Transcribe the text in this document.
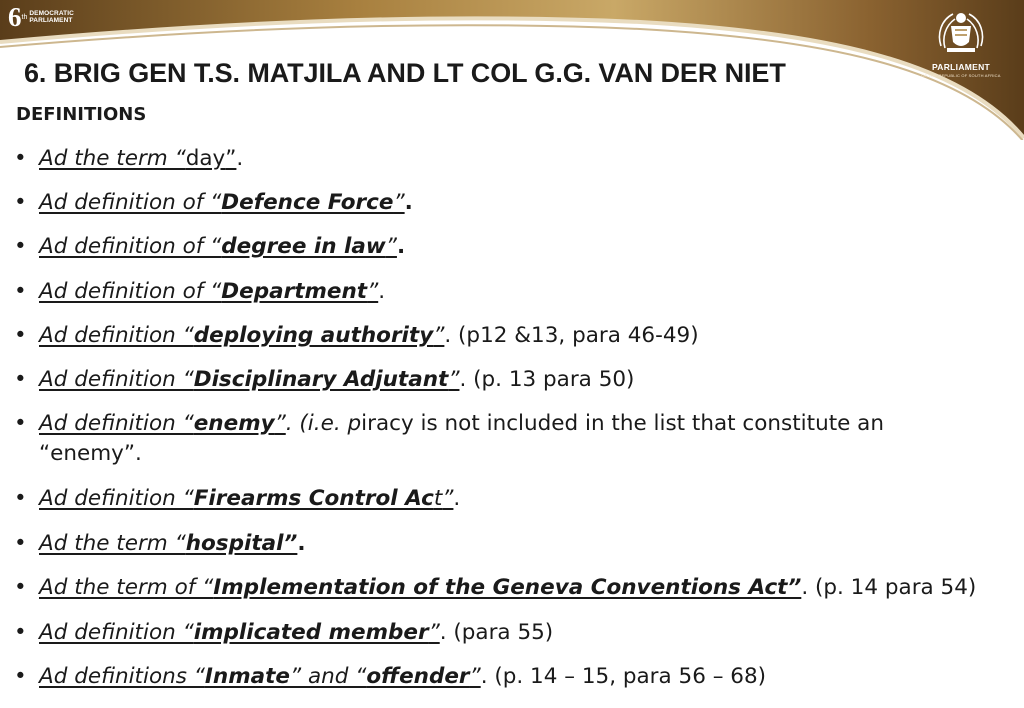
6 th DEMOCRATIC
PARLIAMENT
PARLIAMENT
OF THE REPUBLIC OF SOUTH AFRICA
6. BRIG GEN T.S. MATJILA AND LT COL G.G. VAN DER NIET
DEFINITIONS
• Ad the term “day”.
• Ad definition of “Defence Force”.
• Ad definition of “degree in law”.
• Ad definition of “Department”.
• Ad definition “deploying authority”. (p12 &13, para 46-49)
• Ad definition “Disciplinary Adjutant”. (p. 13 para 50)
• Ad definition “enemy”. (i.e. piracy is not included in the list that constitute an “enemy”.
• Ad definition “Firearms Control Act”.
• Ad the term “hospital”.
• Ad the term of “Implementation of the Geneva Conventions Act”. (p. 14 para 54)
• Ad definition “implicated member”. (para 55)
• Ad definitions “Inmate” and “offender”. (p. 14 – 15, para 56 – 68)
